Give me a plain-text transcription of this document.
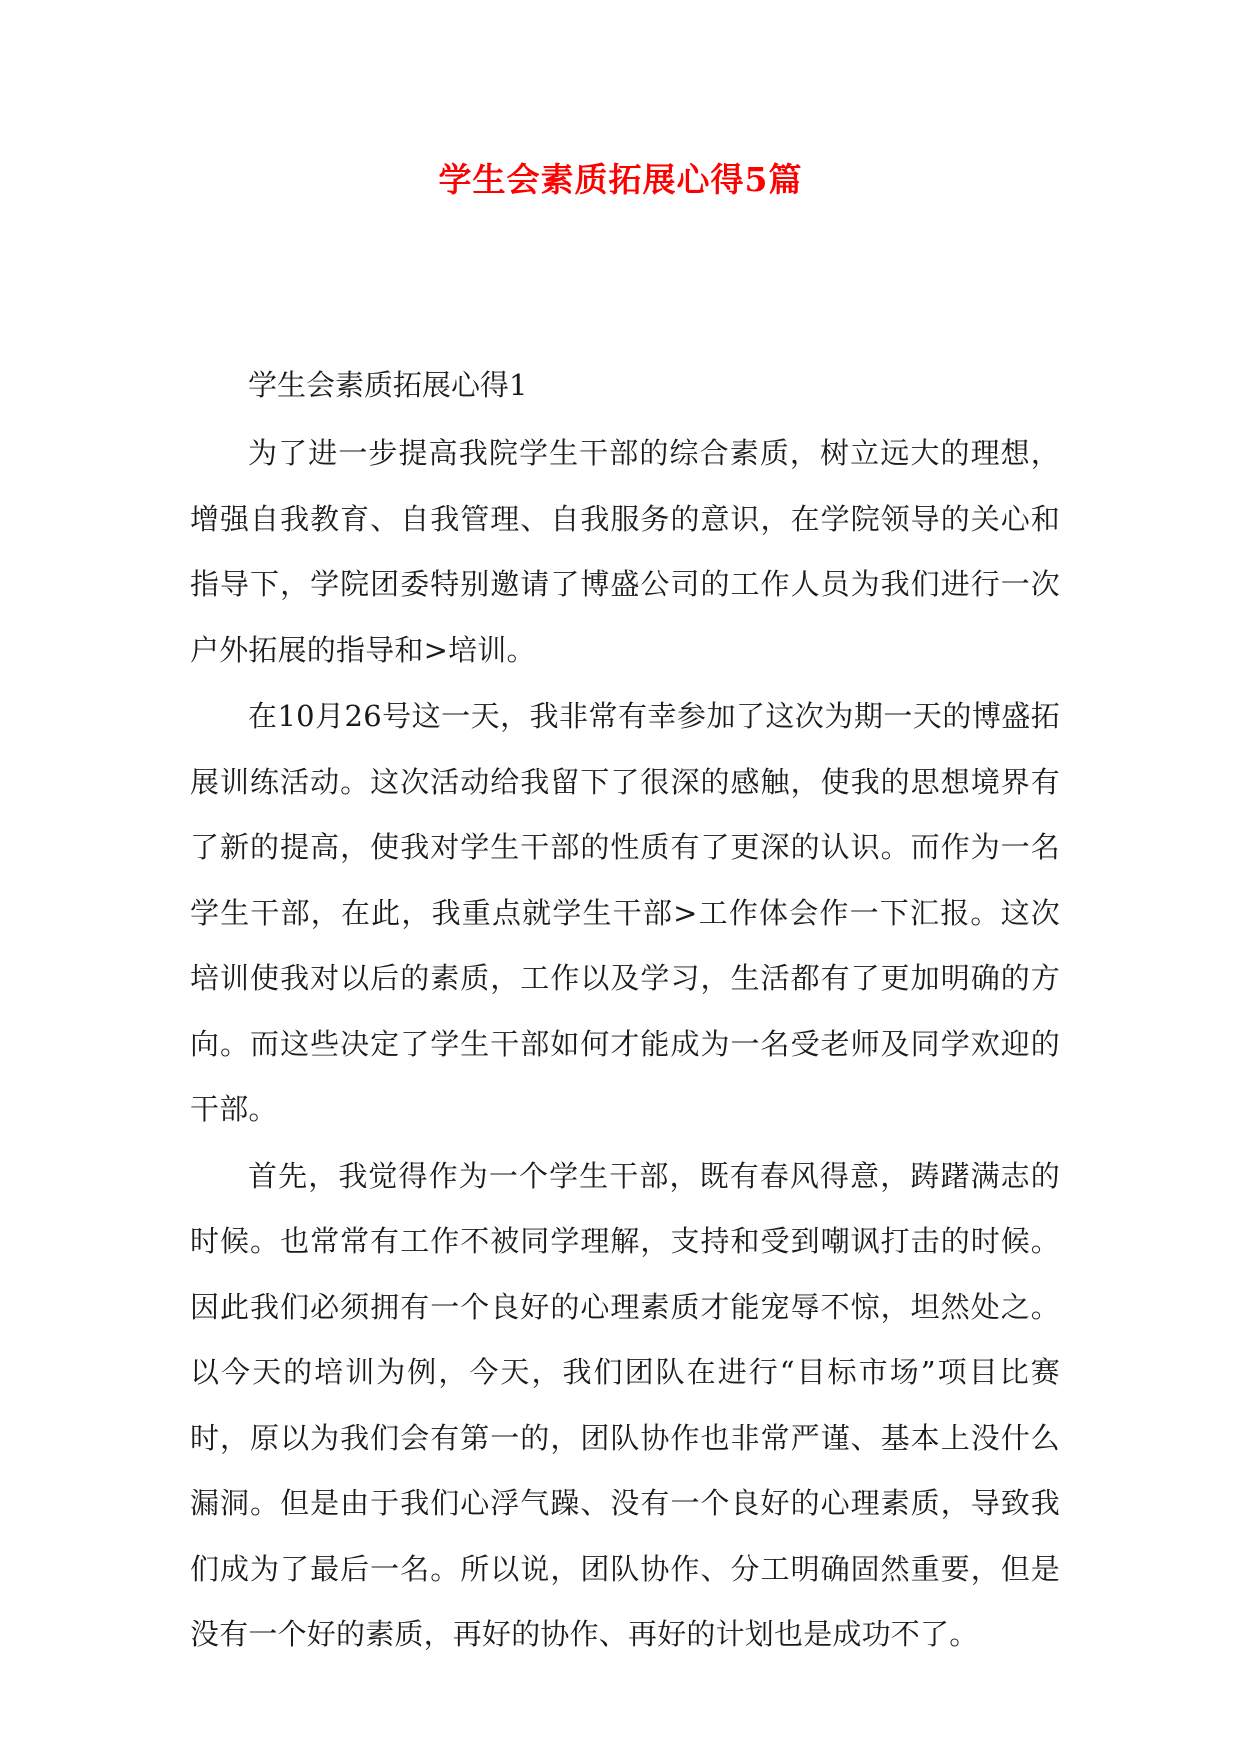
学生会素质拓展心得5篇

学生会素质拓展心得1

为了进一步提高我院学生干部的综合素质，树立远大的理想，增强自我教育、自我管理、自我服务的意识，在学院领导的关心和指导下，学院团委特别邀请了博盛公司的工作人员为我们进行一次户外拓展的指导和>培训。

在10月26号这一天，我非常有幸参加了这次为期一天的博盛拓展训练活动。这次活动给我留下了很深的感触，使我的思想境界有了新的提高，使我对学生干部的性质有了更深的认识。而作为一名学生干部，在此，我重点就学生干部>工作体会作一下汇报。这次培训使我对以后的素质，工作以及学习，生活都有了更加明确的方向。而这些决定了学生干部如何才能成为一名受老师及同学欢迎的干部。

首先，我觉得作为一个学生干部，既有春风得意，踌躇满志的时候。也常常有工作不被同学理解，支持和受到嘲讽打击的时候。因此我们必须拥有一个良好的心理素质才能宠辱不惊，坦然处之。以今天的培训为例，今天，我们团队在进行“目标市场”项目比赛时，原以为我们会有第一的，团队协作也非常严谨、基本上没什么漏洞。但是由于我们心浮气躁、没有一个良好的心理素质，导致我们成为了最后一名。所以说，团队协作、分工明确固然重要，但是没有一个好的素质，再好的协作、再好的计划也是成功不了。
